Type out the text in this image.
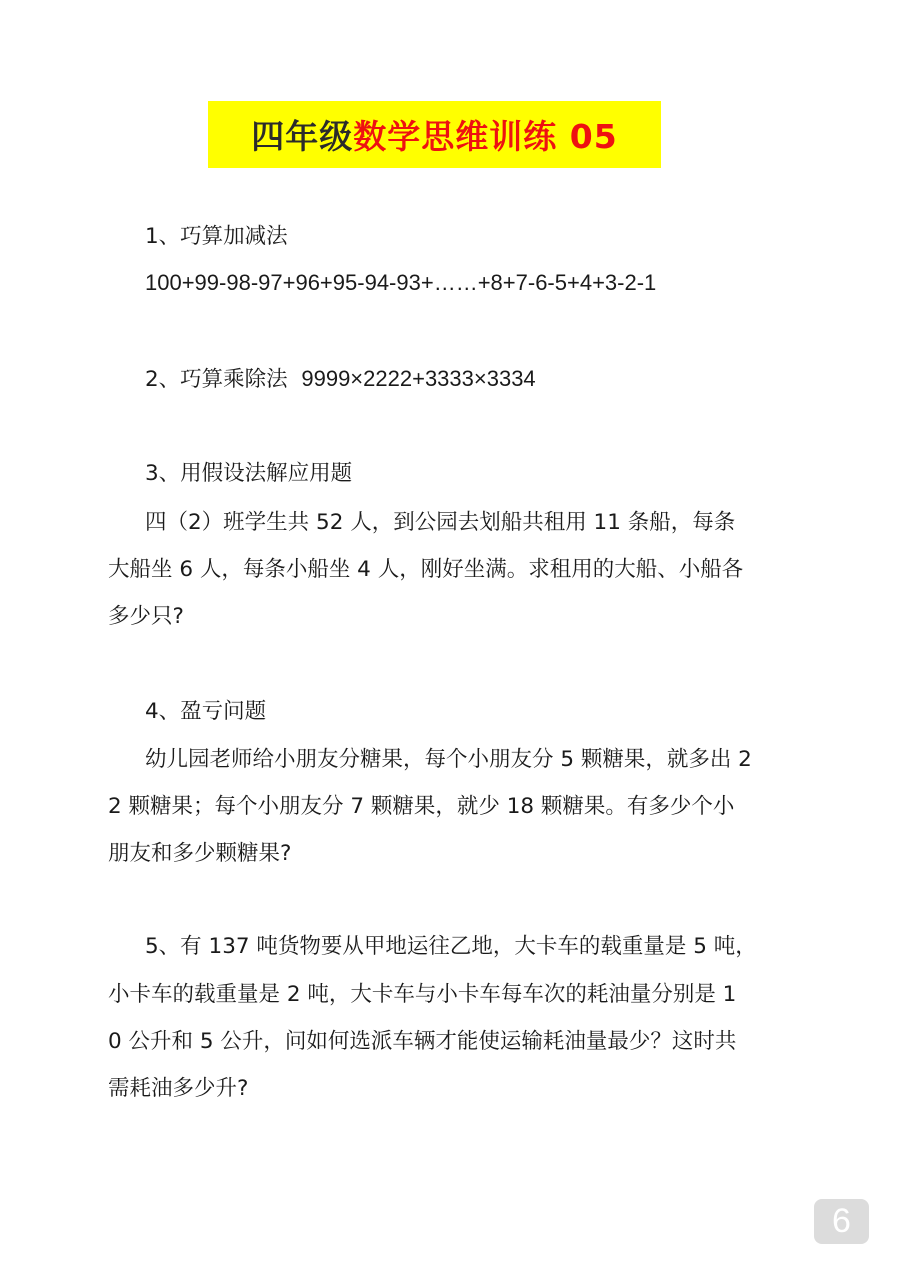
四年级 数学思维训练 05
1、巧算加减法
100+99-98-97+96+95-94-93+……+8+7-6-5+4+3-2-1
2、巧算乘除法 9999×2222+3333×3334
3、用假设法解应用题
四（2）班学生共 52 人，到公园去划船共租用 11 条船，每条
大船坐 6 人，每条小船坐 4 人，刚好坐满。求租用的大船、小船各
多少只?
4、盈亏问题
幼儿园老师给小朋友分糖果，每个小朋友分 5 颗糖果，就多出 2
2 颗糖果；每个小朋友分 7 颗糖果，就少 18 颗糖果。有多少个小
朋友和多少颗糖果?
5、有 137 吨货物要从甲地运往乙地，大卡车的载重量是 5 吨，
小卡车的载重量是 2 吨，大卡车与小卡车每车次的耗油量分别是 1
0 公升和 5 公升，问如何选派车辆才能使运输耗油量最少？这时共
需耗油多少升?
6
